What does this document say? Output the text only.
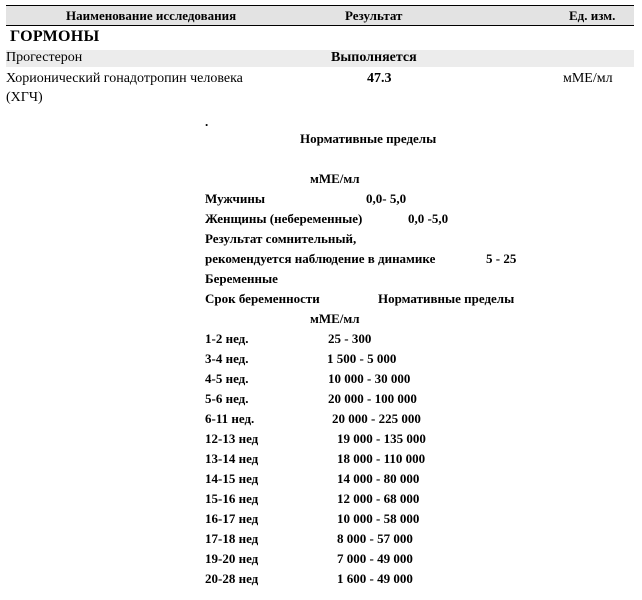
Наименование исследования	Результат	Ед. изм.
ГОРМОНЫ
Прогестерон	Выполняется
Хорионический гонадотропин человека
(ХГЧ)
47.3	мМЕ/мл
.
Нормативные пределы
мМЕ/мл
Мужчины	0,0- 5,0
Женщины (небеременные)	0,0 -5,0
Результат сомнительный,
рекомендуется наблюдение в динамике	5 - 25
Беременные
Срок беременности	Нормативные пределы
мМЕ/мл
1-2 нед.	25 - 300
3-4 нед.	1 500 - 5 000
4-5 нед.	10 000 - 30 000
5-6 нед.	20 000 - 100 000
6-11 нед.	20 000 - 225 000
12-13 нед	19 000 - 135 000
13-14 нед	18 000 - 110 000
14-15 нед	14 000 - 80 000
15-16 нед	12 000 - 68 000
16-17 нед	10 000 - 58 000
17-18 нед	8 000 - 57 000
19-20 нед	7 000 - 49 000
20-28 нед	1 600 - 49 000
